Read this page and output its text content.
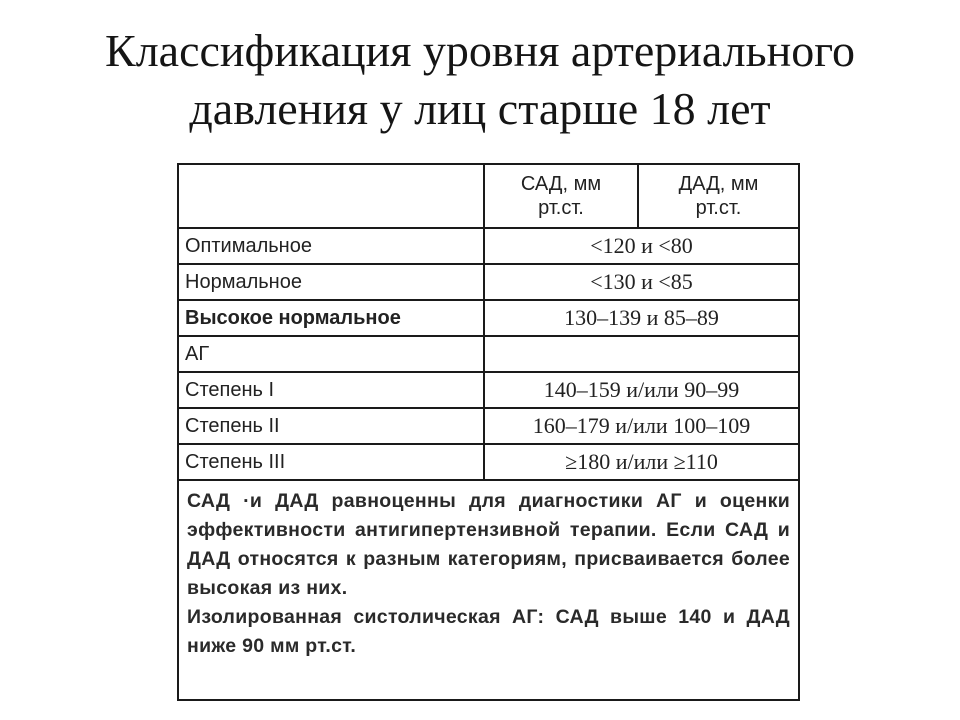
Классификация уровня артериального давления у лиц старше 18 лет
	САД, мм рт.ст.	ДАД, мм рт.ст.
Оптимальное	<120 и <80	
Нормальное	<130 и <85	
Высокое нормальное	130–139 и 85–89	
АГ		
Степень I	140–159 и/или 90–99	
Степень II	160–179 и/или 100–109	
Степень III	≥180 и/или ≥110	

САД ·и ДАД равноценны для диагностики АГ и оценки эффективности антигипертензивной терапии. Если САД и ДАД относятся к разным категориям, присваивается более высокая из них.
Изолированная систолическая АГ: САД выше 140 и ДАД ниже 90 мм рт.ст.		
